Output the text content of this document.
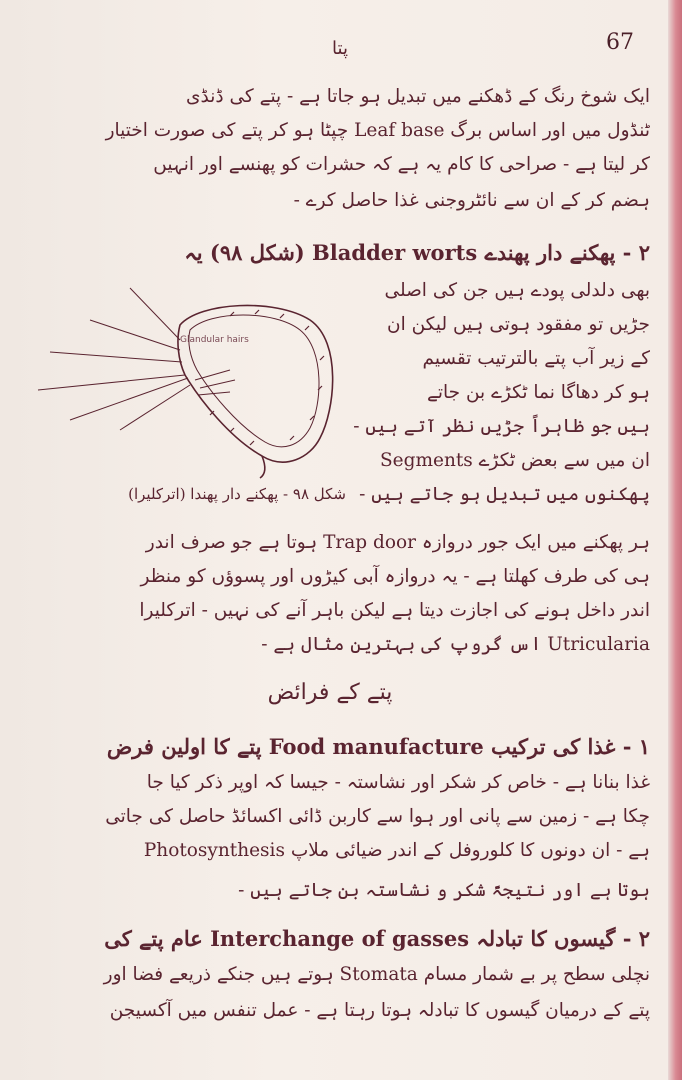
67
پتا
ایک شوخ رنگ کے ڈھکنے میں تبدیل ہو جاتا ہے - پتے کی ڈنڈی
ٹنڈول میں اور اساس برگ Leaf base چپٹا ہو کر پتے کی صورت اختیار
کر لیتا ہے - صراحی کا کام یہ ہے کہ حشرات کو پھنسے اور انہیں
ہضم کر کے ان سے نائٹروجنی غذا حاصل کرے -
۲ - پھکنے دار پھندے Bladder worts (شکل ۹۸) یہ
بھی دلدلی پودے ہیں جن کی اصلی
جڑیں تو مفقود ہوتی ہیں لیکن ان
کے زیر آب پتے بالترتیب تقسیم
ہو کر دھاگا نما ٹکڑے بن جاتے
ہیں جو ظاہراً جڑیں نظر آتے ہیں -
ان میں سے بعض ٹکڑے Segments
پھکنوں میں تبدیل ہو جاتے ہیں -
Glandular hairs
شکل ۹۸ - پھکنے دار پھندا (اترکلیرا)
ہر پھکنے میں ایک جور دروازہ Trap door ہوتا ہے جو صرف اندر
ہی کی طرف کھلتا ہے - یہ دروازہ آبی کیڑوں اور پسوؤں کو منظر
اندر داخل ہونے کی اجازت دیتا ہے لیکن باہر آنے کی نہیں - اترکلیرا
Utricularia اس گروپ کی بہترین مثال ہے -
پتے کے فرائض
۱ - غذا کی ترکیب Food manufacture پتے کا اولین فرض
غذا بنانا ہے - خاص کر شکر اور نشاستہ - جیسا کہ اوپر ذکر کیا جا
چکا ہے - زمین سے پانی اور ہوا سے کاربن ڈائی اکسائڈ حاصل کی جاتی
ہے - ان دونوں کا کلوروفل کے اندر ضیائی ملاپ Photosynthesis
ہوتا ہے اور نتیجۃً شکر و نشاستہ بن جاتے ہیں -
۲ - گیسوں کا تبادلہ Interchange of gasses عام پتے کی
نچلی سطح پر بے شمار مسام Stomata ہوتے ہیں جنکے ذریعے فضا اور
پتے کے درمیان گیسوں کا تبادلہ ہوتا رہتا ہے - عمل تنفس میں آکسیجن
